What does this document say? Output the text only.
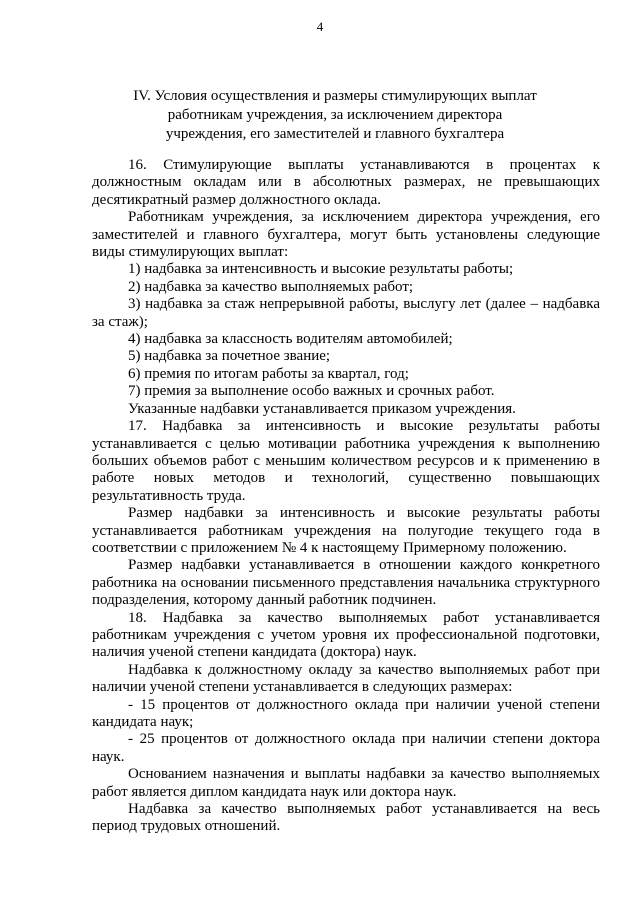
4
IV. Условия осуществления и размеры стимулирующих выплат
работникам учреждения, за исключением директора
учреждения, его заместителей и главного бухгалтера

16. Стимулирующие выплаты устанавливаются в процентах к должностным окладам или в абсолютных размерах, не превышающих десятикратный размер должностного оклада.

Работникам учреждения, за исключением директора учреждения, его заместителей и главного бухгалтера, могут быть установлены следующие виды стимулирующих выплат:

1) надбавка за интенсивность и высокие результаты работы;

2) надбавка за качество выполняемых работ;

3) надбавка за стаж непрерывной работы, выслугу лет (далее – надбавка за стаж);

4) надбавка за классность водителям автомобилей;

5) надбавка за почетное звание;

6) премия по итогам работы за квартал, год;

7) премия за выполнение особо важных и срочных работ.

Указанные надбавки устанавливается приказом учреждения.

17. Надбавка за интенсивность и высокие результаты работы устанавливается с целью мотивации работника учреждения к выполнению больших объемов работ с меньшим количеством ресурсов и к применению в работе новых методов и технологий, существенно повышающих результативность труда.

Размер надбавки за интенсивность и высокие результаты работы устанавливается работникам учреждения на полугодие текущего года в соответствии с приложением № 4 к настоящему Примерному положению.

Размер надбавки устанавливается в отношении каждого конкретного работника на основании письменного представления начальника структурного подразделения, которому данный работник подчинен.

18. Надбавка за качество выполняемых работ устанавливается работникам учреждения с учетом уровня их профессиональной подготовки, наличия ученой степени кандидата (доктора) наук.

Надбавка к должностному окладу за качество выполняемых работ при наличии ученой степени устанавливается в следующих размерах:

- 15 процентов от должностного оклада при наличии ученой степени кандидата наук;

- 25 процентов от должностного оклада при наличии степени доктора наук.

Основанием назначения и выплаты надбавки за качество выполняемых работ является диплом кандидата наук или доктора наук.

Надбавка за качество выполняемых работ устанавливается на весь период трудовых отношений.
